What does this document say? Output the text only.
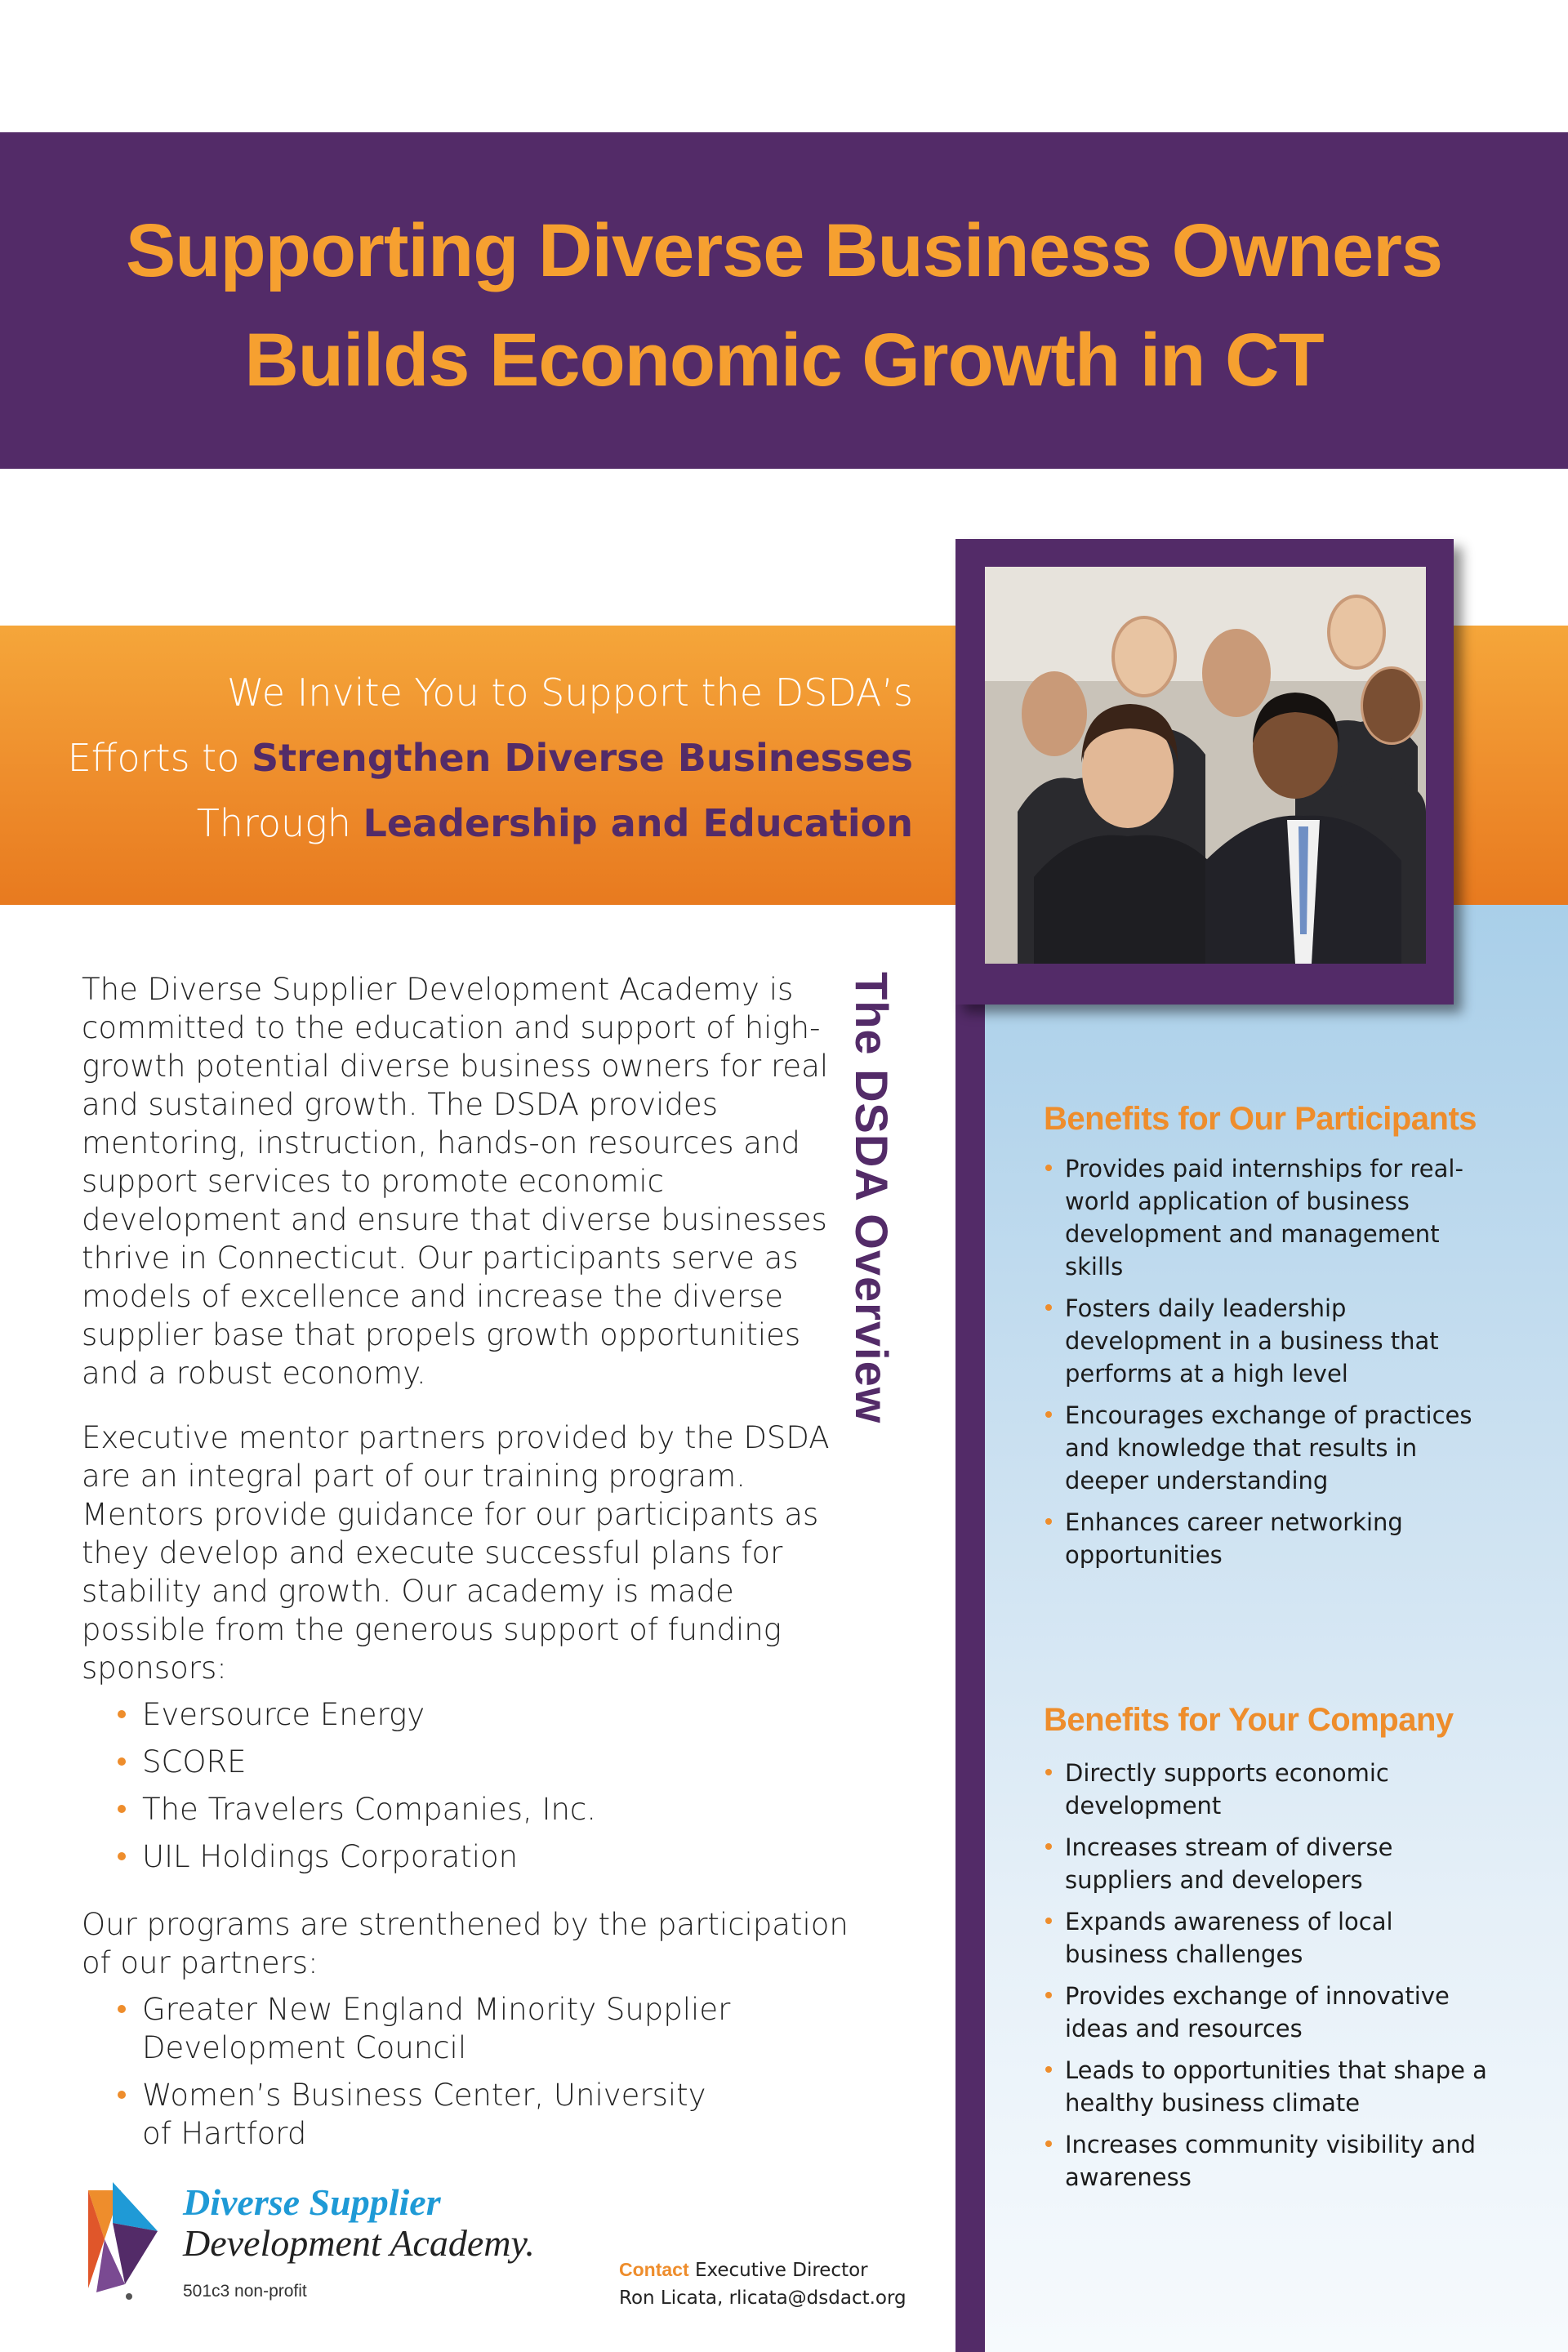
Supporting Diverse Business Owners
Builds Economic Growth in CT
We Invite You to Support the DSDA’s
Efforts to Strengthen Diverse Businesses
Through Leadership and Education
The DSDA Overview

The Diverse Supplier Development Academy is committed to the education and support of high-growth potential diverse business owners for real and sustained growth. The DSDA provides mentoring, instruction, hands-on resources and support services to promote economic development and ensure that diverse businesses thrive in Connecticut. Our participants serve as models of excellence and increase the diverse supplier base that propels growth opportunities and a robust economy.

Executive mentor partners provided by the DSDA are an integral part of our training program. Mentors provide guidance for our participants as they develop and execute successful plans for stability and growth. Our academy is made possible from the generous support of funding sponsors:

Eversource Energy
SCORE
The Travelers Companies, Inc.
UIL Holdings Corporation

Our programs are strenthened by the participation of our partners:

Greater New England Minority Supplier Development Council
Women’s Business Center, University of Hartford
Benefits for Our Participants
Provides paid internships for real-world application of business development and management skills
Fosters daily leadership development in a business that performs at a high level
Encourages exchange of practices and knowledge that results in deeper understanding
Enhances career networking opportunities
Benefits for Your Company
Directly supports economic development
Increases stream of diverse suppliers and developers
Expands awareness of local business challenges
Provides exchange of innovative ideas and resources
Leads to opportunities that shape a healthy business climate
Increases community visibility and awareness
Diverse Supplier
Development Academy.
501c3 non-profit
Contact Executive Director
Ron Licata, rlicata@dsdact.org
